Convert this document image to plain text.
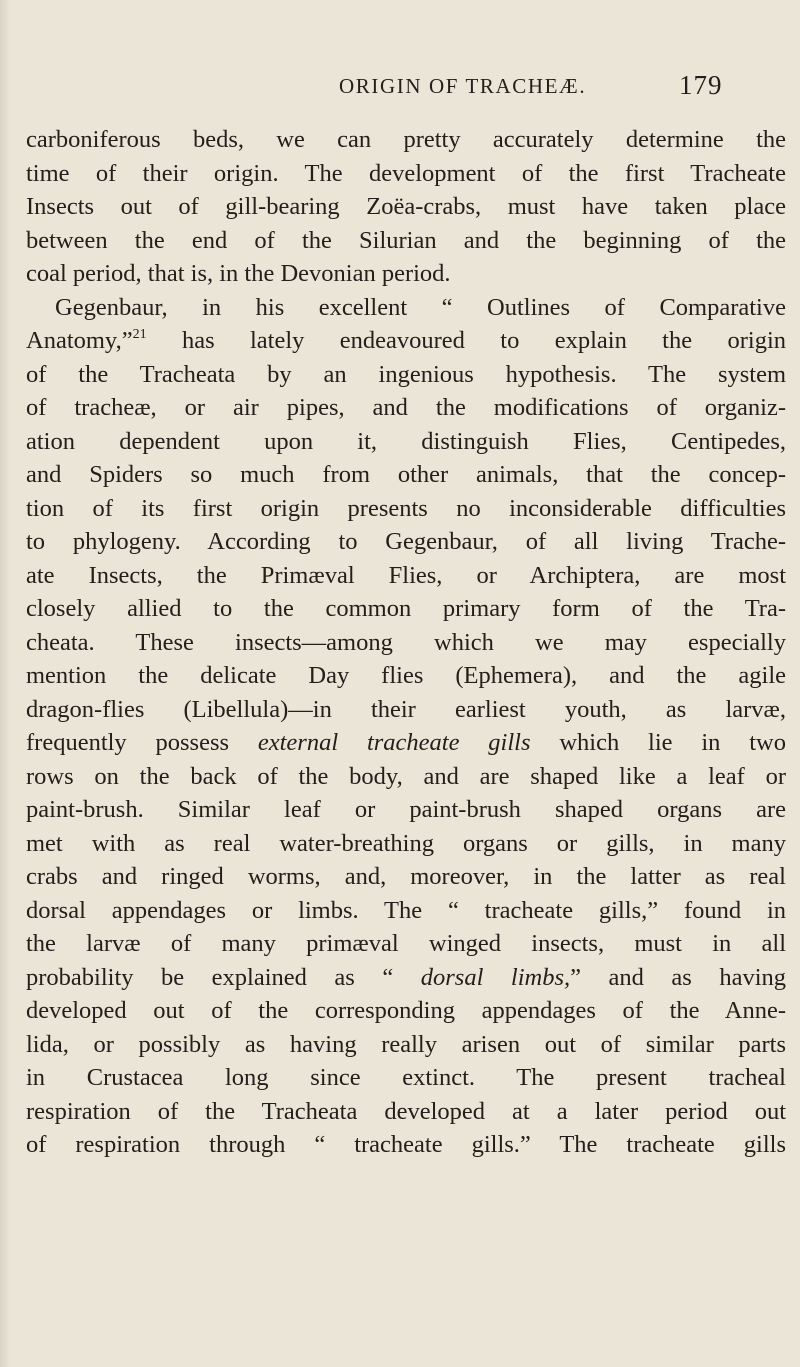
ORIGIN OF TRACHEÆ.	179
carboniferous beds, we can pretty accurately determine the
time of their origin. The development of the first Tracheate
Insects out of gill-bearing Zoëa-crabs, must have taken place
between the end of the Silurian and the beginning of the
coal period, that is, in the Devonian period.
Gegenbaur, in his excellent “ Outlines of Comparative
Anatomy,”$^{21}$ has lately endeavoured to explain the origin
of the Tracheata by an ingenious hypothesis. The system
of tracheæ, or air pipes, and the modifications of organiz-
ation dependent upon it, distinguish Flies, Centipedes,
and Spiders so much from other animals, that the concep-
tion of its first origin presents no inconsiderable difficulties
to phylogeny. According to Gegenbaur, of all living Trache-
ate Insects, the Primæval Flies, or Archiptera, are most
closely allied to the common primary form of the Tra-
cheata. These insects—among which we may especially
mention the delicate Day flies (Ephemera), and the agile
dragon-flies (Libellula)—in their earliest youth, as larvæ,
frequently possess external tracheate gills which lie in two
rows on the back of the body, and are shaped like a leaf or
paint-brush. Similar leaf or paint-brush shaped organs are
met with as real water-breathing organs or gills, in many
crabs and ringed worms, and, moreover, in the latter as real
dorsal appendages or limbs. The “ tracheate gills,” found in
the larvæ of many primæval winged insects, must in all
probability be explained as “ dorsal limbs,” and as having
developed out of the corresponding appendages of the Anne-
lida, or possibly as having really arisen out of similar parts
in Crustacea long since extinct. The present tracheal
respiration of the Tracheata developed at a later period out
of respiration through “ tracheate gills.” The tracheate gills
